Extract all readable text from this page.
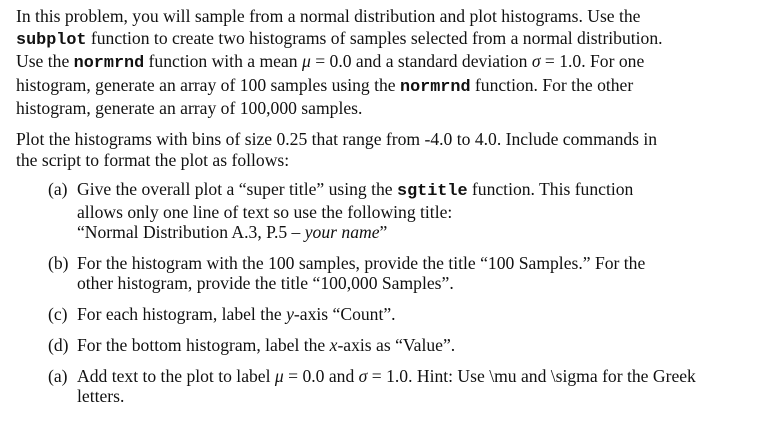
In this problem, you will sample from a normal distribution and plot histograms. Use the
subplot function to create two histograms of samples selected from a normal distribution.
Use the normrnd function with a mean μ = 0.0 and a standard deviation σ = 1.0. For one
histogram, generate an array of 100 samples using the normrnd function. For the other
histogram, generate an array of 100,000 samples.

Plot the histograms with bins of size 0.25 that range from -4.0 to 4.0. Include commands in
the script to format the plot as follows:

(a) Give the overall plot a “super title” using the sgtitle function. This function
allows only one line of text so use the following title:
“Normal Distribution A.3, P.5 – your name”
(b) For the histogram with the 100 samples, provide the title “100 Samples.” For the
other histogram, provide the title “100,000 Samples”.
(c) For each histogram, label the y-axis “Count”.
(d) For the bottom histogram, label the x-axis as “Value”.
(a) Add text to the plot to label μ = 0.0 and σ = 1.0. Hint: Use \mu and \sigma for the Greek
letters.
